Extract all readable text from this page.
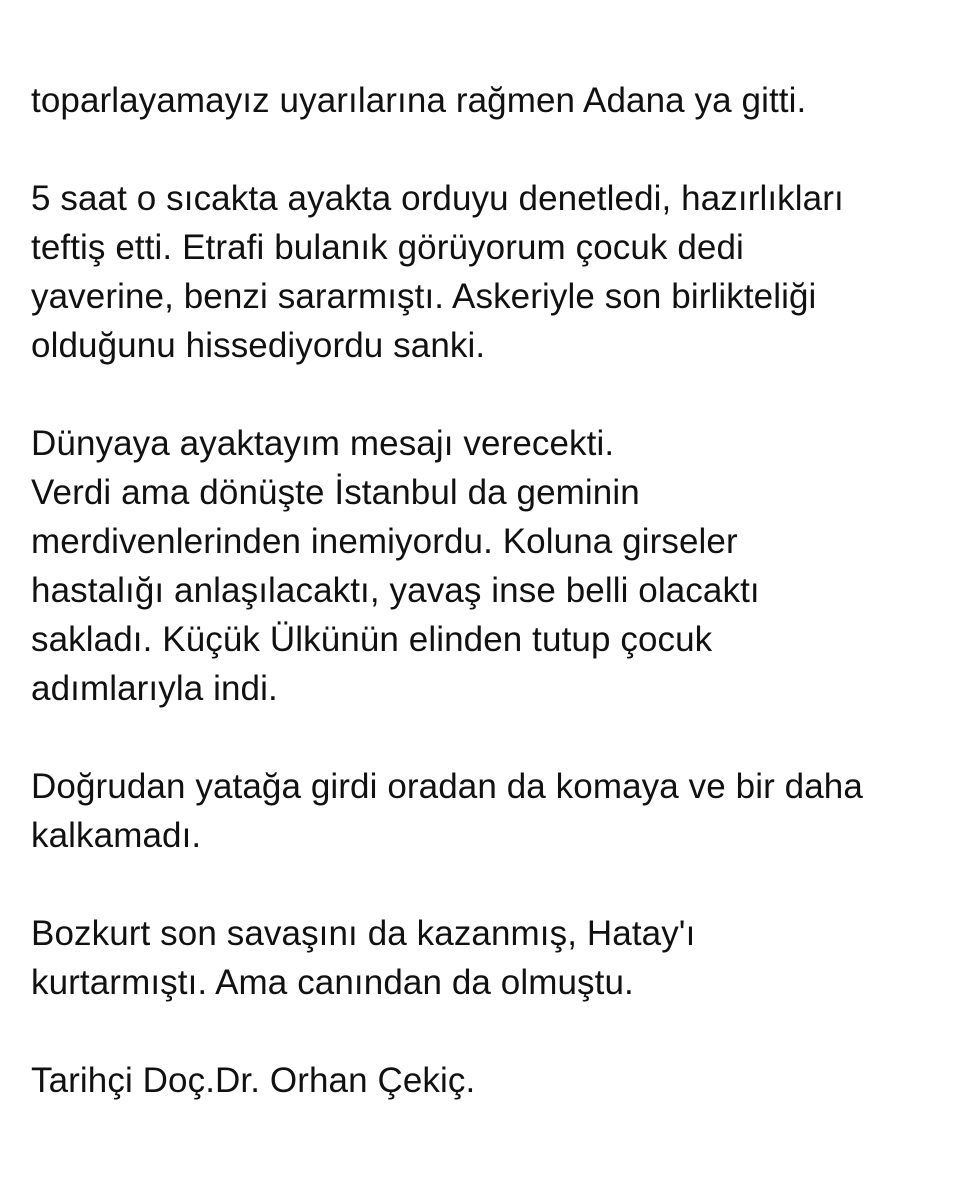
toparlayamayız uyarılarına rağmen Adana ya gitti.

5 saat o sıcakta ayakta orduyu denetledi, hazırlıkları
teftiş etti. Etrafi bulanık görüyorum çocuk dedi
yaverine, benzi sararmıştı. Askeriyle son birlikteliği
olduğunu hissediyordu sanki.

Dünyaya ayaktayım mesajı verecekti.
Verdi ama dönüşte İstanbul da geminin
merdivenlerinden inemiyordu. Koluna girseler
hastalığı anlaşılacaktı, yavaş inse belli olacaktı
sakladı. Küçük Ülkünün elinden tutup çocuk
adımlarıyla indi.

Doğrudan yatağa girdi oradan da komaya ve bir daha
kalkamadı.

Bozkurt son savaşını da kazanmış, Hatay'ı
kurtarmıştı. Ama canından da olmuştu.

Tarihçi Doç.Dr. Orhan Çekiç.
